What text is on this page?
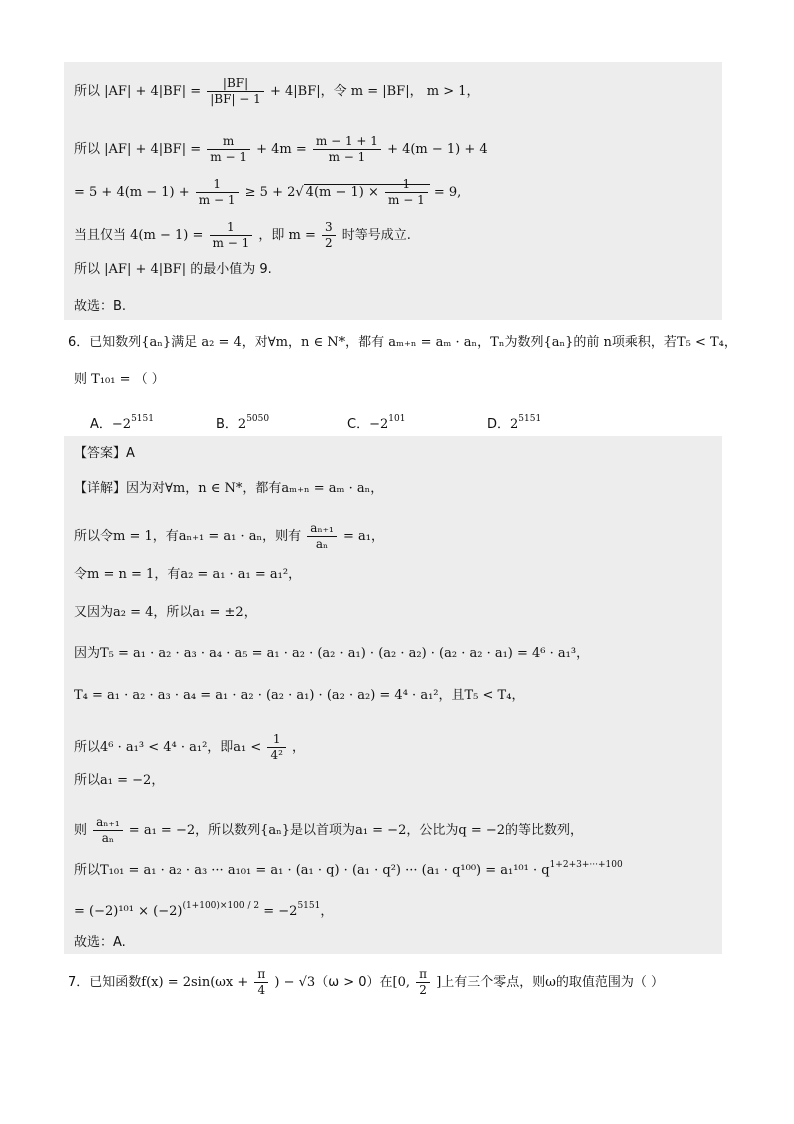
所以 $|AF| + 4|BF| = \frac{|BF|}{|BF| - 1} + 4|BF|$，令 m = |BF|， m > 1，
所以 $|AF| + 4|BF| = \frac{m}{m - 1} + 4m = \frac{m - 1 + 1}{m - 1} + 4(m - 1) + 4$
= $5 + 4(m - 1) + \frac{1}{m - 1} \ge 5 + 2√$ $4(m - 1) \times \frac{1}{m - 1} = 9$,
当且仅当 $4(m - 1) = \frac{1}{m - 1}$ ，即 $m = \frac{3}{2}$ 时等号成立.
所以 |AF| + 4|BF| 的最小值为 9.
故选：B.
6．已知数列{aₙ}满足 a₂ = 4，对∀m，n ∈ N*，都有 aₘ₊ₙ = aₘ · aₙ，Tₙ为数列{aₙ}的前 n项乘积，若T₅ < T₄，
则 T₁₀₁ = （ ）
A．$-2^{5151}$	B．$2^{5050}$	C．$-2^{101}$	D．$2^{5151}$
【答案】A
【详解】因为对∀m，n ∈ N*，都有aₘ₊ₙ = aₘ · aₙ，
所以令m = 1，有aₙ₊₁ = a₁ · aₙ，则有 $\frac{\text{aₙ₊₁}}{\text{aₙ}} = a_1$，
令m = n = 1，有a₂ = a₁ · a₁ = a₁²，
又因为a₂ = 4，所以a₁ = ±2，
因为T₅ = a₁ · a₂ · a₃ · a₄ · a₅ = a₁ · a₂ · (a₂ · a₁) · (a₂ · a₂) · (a₂ · a₂ · a₁) = 4⁶ · a₁³，
T₄ = a₁ · a₂ · a₃ · a₄ = a₁ · a₂ · (a₂ · a₁) · (a₂ · a₂) = 4⁴ · a₁²，且T₅ < T₄，
所以4⁶ · a₁³ < 4⁴ · a₁²，即$a_1 < \frac{1}{\text{4²}}$ ，
所以a₁ = −2，
则 $\frac{\text{aₙ₊₁}}{\text{aₙ}} = a_1 = -2$，所以数列{aₙ}是以首项为a₁ = −2，公比为q = −2的等比数列，
所以T₁₀₁ = a₁ · a₂ · a₃ ··· a₁₀₁ = a₁ · (a₁ · q) · (a₁ · q²) ··· $(a_1 \cdot q^{100}) = a_1^{101} \cdot q^{1+2+3+\cdot\cdot\cdot+100}$
= $(-2)^{101} \times (-2)^{(1+100)\times 100 / 2} = -2^{5151}$，
故选：A.
7．已知函数$f(x) = 2\sin(\omega x + \frac{\pi}{4}$ ) − √3（ω > 0）在[0, $\frac{\pi}{2}$ ]上有三个零点，则ω的取值范围为（ ）
